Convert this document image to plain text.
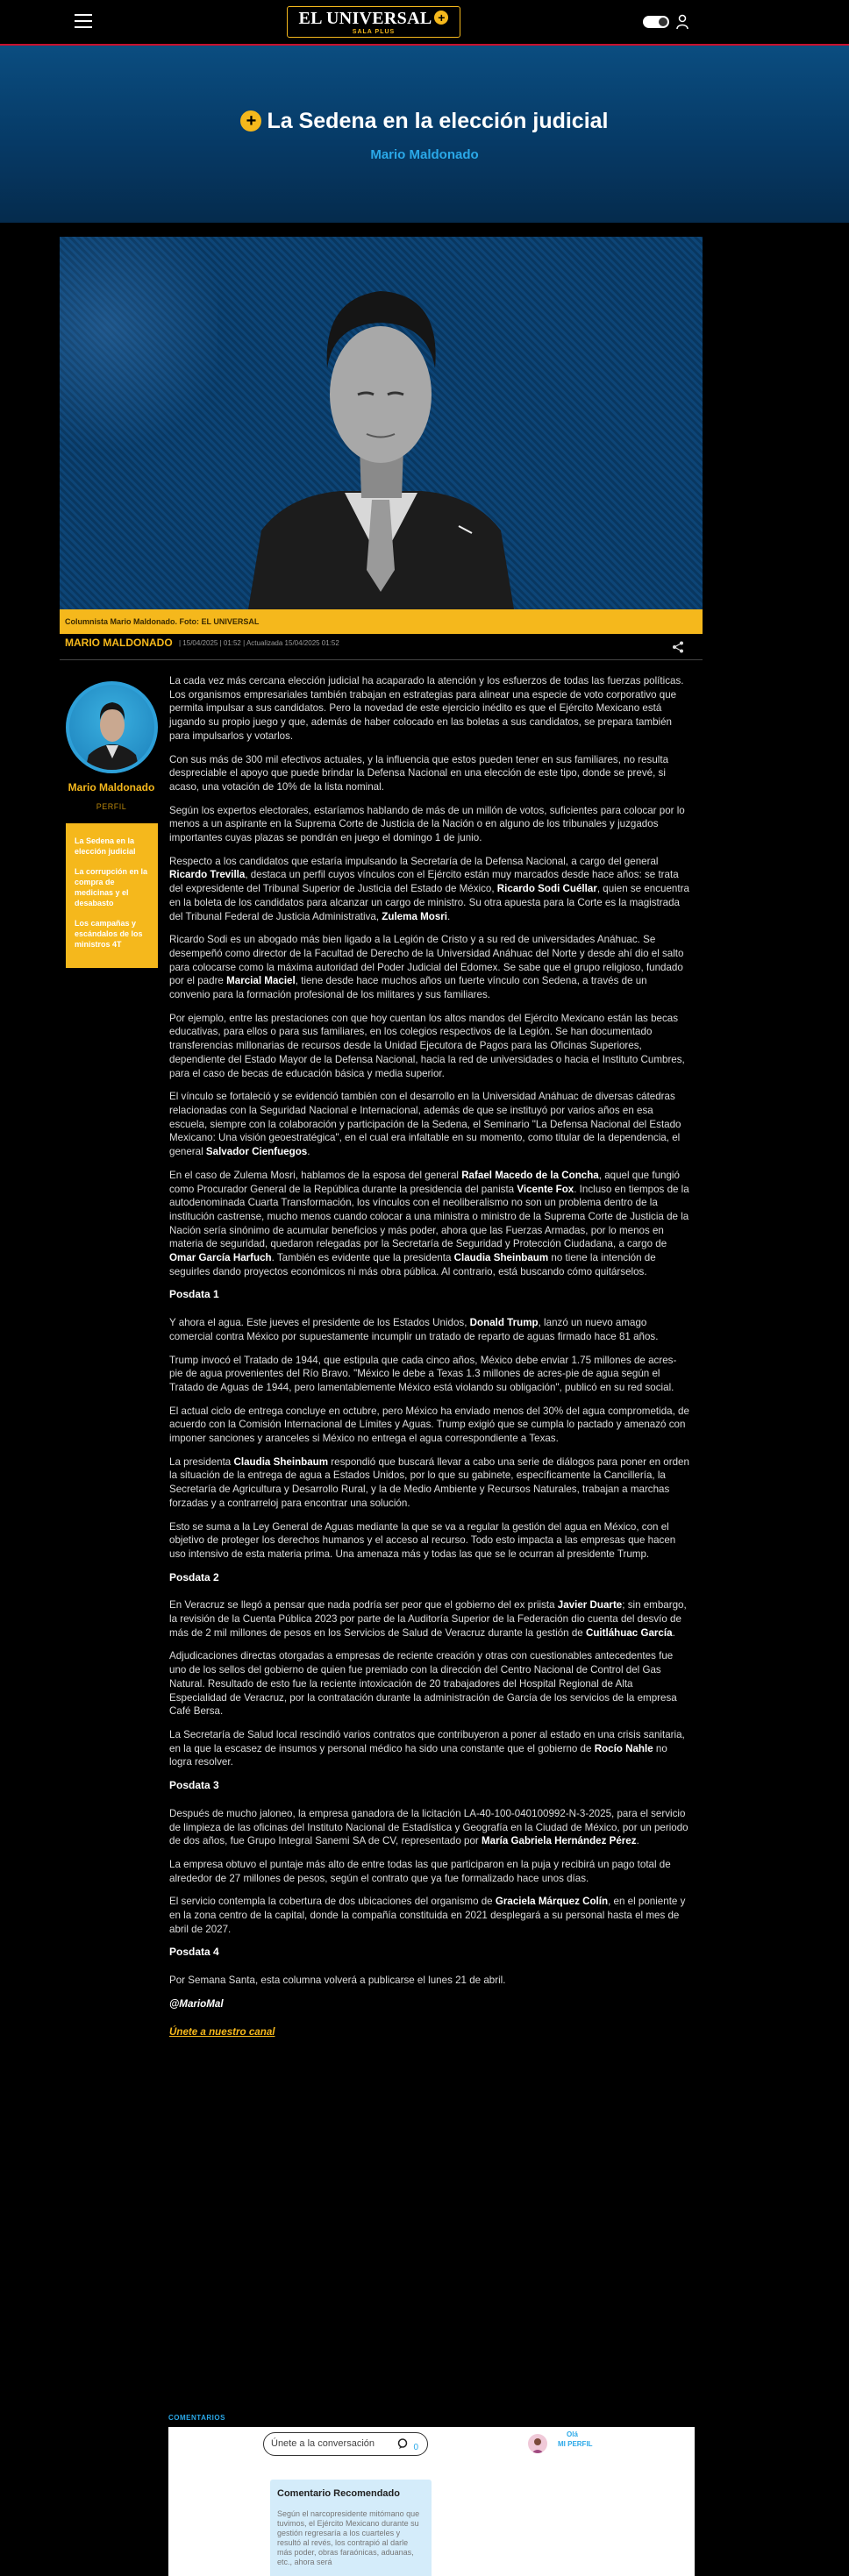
EL UNIVERSAL +
SALA PLUS
+ La Sedena en la elección judicial
Mario Maldonado
Columnista Mario Maldonado. Foto: EL UNIVERSAL
MARIO MALDONADO | 15/04/2025 | 01:52 | Actualizada 15/04/2025 01:52
Mario Maldonado
PERFIL
La Sedena en la elección judicial
La corrupción en la compra de medicinas y el desabasto
Los campañas y escándalos de los ministros 4T

La cada vez más cercana elección judicial ha acaparado la atención y los esfuerzos de todas las fuerzas políticas. Los organismos empresariales también trabajan en estrategias para alinear una especie de voto corporativo que permita impulsar a sus candidatos. Pero la novedad de este ejercicio inédito es que el Ejército Mexicano está jugando su propio juego y que, además de haber colocado en las boletas a sus candidatos, se prepara también para impulsarlos y votarlos.

Con sus más de 300 mil efectivos actuales, y la influencia que estos pueden tener en sus familiares, no resulta despreciable el apoyo que puede brindar la Defensa Nacional en una elección de este tipo, donde se prevé, si acaso, una votación de 10% de la lista nominal.

Según los expertos electorales, estaríamos hablando de más de un millón de votos, suficientes para colocar por lo menos a un aspirante en la Suprema Corte de Justicia de la Nación o en alguno de los tribunales y juzgados importantes cuyas plazas se pondrán en juego el domingo 1 de junio.

Respecto a los candidatos que estaría impulsando la Secretaría de la Defensa Nacional, a cargo del general Ricardo Trevilla, destaca un perfil cuyos vínculos con el Ejército están muy marcados desde hace años: se trata del expresidente del Tribunal Superior de Justicia del Estado de México, Ricardo Sodi Cuéllar, quien se encuentra en la boleta de los candidatos para alcanzar un cargo de ministro. Su otra apuesta para la Corte es la magistrada del Tribunal Federal de Justicia Administrativa, Zulema Mosri.

Ricardo Sodi es un abogado más bien ligado a la Legión de Cristo y a su red de universidades Anáhuac. Se desempeñó como director de la Facultad de Derecho de la Universidad Anáhuac del Norte y desde ahí dio el salto para colocarse como la máxima autoridad del Poder Judicial del Edomex. Se sabe que el grupo religioso, fundado por el padre Marcial Maciel, tiene desde hace muchos años un fuerte vínculo con Sedena, a través de un convenio para la formación profesional de los militares y sus familiares.

Por ejemplo, entre las prestaciones con que hoy cuentan los altos mandos del Ejército Mexicano están las becas educativas, para ellos o para sus familiares, en los colegios respectivos de la Legión. Se han documentado transferencias millonarias de recursos desde la Unidad Ejecutora de Pagos para las Oficinas Superiores, dependiente del Estado Mayor de la Defensa Nacional, hacia la red de universidades o hacia el Instituto Cumbres, para el caso de becas de educación básica y media superior.

El vínculo se fortaleció y se evidenció también con el desarrollo en la Universidad Anáhuac de diversas cátedras relacionadas con la Seguridad Nacional e Internacional, además de que se instituyó por varios años en esa escuela, siempre con la colaboración y participación de la Sedena, el Seminario "La Defensa Nacional del Estado Mexicano: Una visión geoestratégica", en el cual era infaltable en su momento, como titular de la dependencia, el general Salvador Cienfuegos.

En el caso de Zulema Mosri, hablamos de la esposa del general Rafael Macedo de la Concha, aquel que fungió como Procurador General de la República durante la presidencia del panista Vicente Fox. Incluso en tiempos de la autodenominada Cuarta Transformación, los vínculos con el neoliberalismo no son un problema dentro de la institución castrense, mucho menos cuando colocar a una ministra o ministro de la Suprema Corte de Justicia de la Nación sería sinónimo de acumular beneficios y más poder, ahora que las Fuerzas Armadas, por lo menos en materia de seguridad, quedaron relegadas por la Secretaría de Seguridad y Protección Ciudadana, a cargo de Omar García Harfuch. También es evidente que la presidenta Claudia Sheinbaum no tiene la intención de seguirles dando proyectos económicos ni más obra pública. Al contrario, está buscando cómo quitárselos.

Posdata 1

Y ahora el agua. Este jueves el presidente de los Estados Unidos, Donald Trump, lanzó un nuevo amago comercial contra México por supuestamente incumplir un tratado de reparto de aguas firmado hace 81 años.

Trump invocó el Tratado de 1944, que estipula que cada cinco años, México debe enviar 1.75 millones de acres-pie de agua provenientes del Río Bravo. "México le debe a Texas 1.3 millones de acres-pie de agua según el Tratado de Aguas de 1944, pero lamentablemente México está violando su obligación", publicó en su red social.

El actual ciclo de entrega concluye en octubre, pero México ha enviado menos del 30% del agua comprometida, de acuerdo con la Comisión Internacional de Límites y Aguas. Trump exigió que se cumpla lo pactado y amenazó con imponer sanciones y aranceles si México no entrega el agua correspondiente a Texas.

La presidenta Claudia Sheinbaum respondió que buscará llevar a cabo una serie de diálogos para poner en orden la situación de la entrega de agua a Estados Unidos, por lo que su gabinete, específicamente la Cancillería, la Secretaría de Agricultura y Desarrollo Rural, y la de Medio Ambiente y Recursos Naturales, trabajan a marchas forzadas y a contrarreloj para encontrar una solución.

Esto se suma a la Ley General de Aguas mediante la que se va a regular la gestión del agua en México, con el objetivo de proteger los derechos humanos y el acceso al recurso. Todo esto impacta a las empresas que hacen uso intensivo de esta materia prima. Una amenaza más y todas las que se le ocurran al presidente Trump.

Posdata 2

En Veracruz se llegó a pensar que nada podría ser peor que el gobierno del ex priista Javier Duarte; sin embargo, la revisión de la Cuenta Pública 2023 por parte de la Auditoría Superior de la Federación dio cuenta del desvío de más de 2 mil millones de pesos en los Servicios de Salud de Veracruz durante la gestión de Cuitláhuac García.

Adjudicaciones directas otorgadas a empresas de reciente creación y otras con cuestionables antecedentes fue uno de los sellos del gobierno de quien fue premiado con la dirección del Centro Nacional de Control del Gas Natural. Resultado de esto fue la reciente intoxicación de 20 trabajadores del Hospital Regional de Alta Especialidad de Veracruz, por la contratación durante la administración de García de los servicios de la empresa Café Bersa.

La Secretaría de Salud local rescindió varios contratos que contribuyeron a poner al estado en una crisis sanitaria, en la que la escasez de insumos y personal médico ha sido una constante que el gobierno de Rocío Nahle no logra resolver.

Posdata 3

Después de mucho jaloneo, la empresa ganadora de la licitación LA-40-100-040100992-N-3-2025, para el servicio de limpieza de las oficinas del Instituto Nacional de Estadística y Geografía en la Ciudad de México, por un periodo de dos años, fue Grupo Integral Sanemi SA de CV, representado por María Gabriela Hernández Pérez.

La empresa obtuvo el puntaje más alto de entre todas las que participaron en la puja y recibirá un pago total de alrededor de 27 millones de pesos, según el contrato que ya fue formalizado hace unos días.

El servicio contempla la cobertura de dos ubicaciones del organismo de Graciela Márquez Colín, en el poniente y en la zona centro de la capital, donde la compañía constituida en 2021 desplegará a su personal hasta el mes de abril de 2027.

Posdata 4

Por Semana Santa, esta columna volverá a publicarse el lunes 21 de abril.

@MarioMal

Únete a nuestro canal

COMENTARIOS
Únete a la conversación	0
Olá
MI PERFIL
Comentario Recomendado
Según el narcopresidente mitómano que tuvimos, el Ejército Mexicano durante su gestión regresaría a los cuarteles y resultó al revés, los contrapió al darle más poder, obras faraónicas, aduanas, etc., ahora será
